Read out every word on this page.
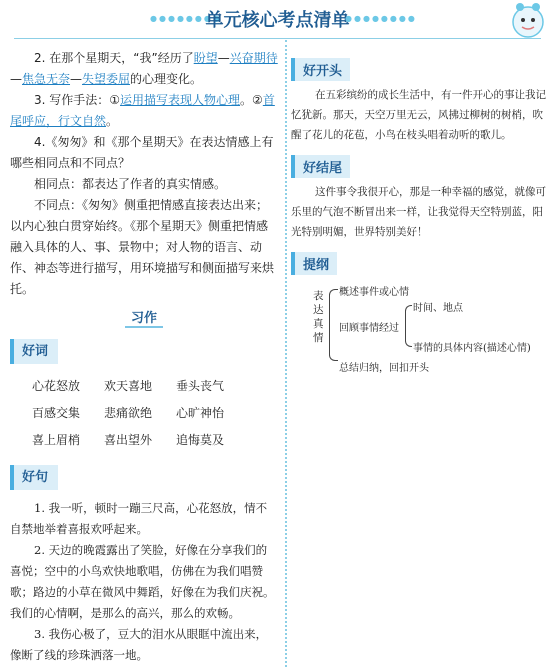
●●●●●●●●
单元核心考点清单
●●●●●●●●

2. 在那个星期天，“我”经历了盼望—兴奋期待—焦急无奈—失望委屈的心理变化。

3. 写作手法：①运用描写表现人物心理。②首尾呼应，行文自然。

4.《匆匆》和《那个星期天》在表达情感上有哪些相同点和不同点？

相同点：都表达了作者的真实情感。

不同点：《匆匆》侧重把情感直接表达出来；以内心独白贯穿始终。《那个星期天》侧重把情感融入具体的人、事、景物中；对人物的语言、动作、神态等进行描写，用环境描写和侧面描写来烘托。

习作
好词
心花怒放	欢天喜地	垂头丧气
百感交集	悲痛欲绝	心旷神怡
喜上眉梢	喜出望外	追悔莫及
好句

1. 我一听，顿时一蹦三尺高，心花怒放，情不自禁地举着喜报欢呼起来。

2. 天边的晚霞露出了笑脸，好像在分享我们的喜悦；空中的小鸟欢快地歌唱，仿佛在为我们唱赞歌；路边的小草在微风中舞蹈，好像在为我们庆祝。我们的心情啊，是那么的高兴，那么的欢畅。

3. 我伤心极了，豆大的泪水从眼眶中流出来，像断了线的珍珠洒落一地。

好开头

在五彩缤纷的成长生活中，有一件开心的事让我记忆犹新。那天，天空万里无云，风拂过柳树的树梢，吹醒了花儿的花苞，小鸟在枝头唱着动听的歌儿。

好结尾

这件事令我很开心，那是一种幸福的感觉，就像可乐里的气泡不断冒出来一样，让我觉得天空特别蓝，阳光特别明媚，世界特别美好！

提纲
表达真情
概述事件或心情
回顾事情经过
时间、地点
事情的具体内容(描述心情)
总结归纳，回扣开头
